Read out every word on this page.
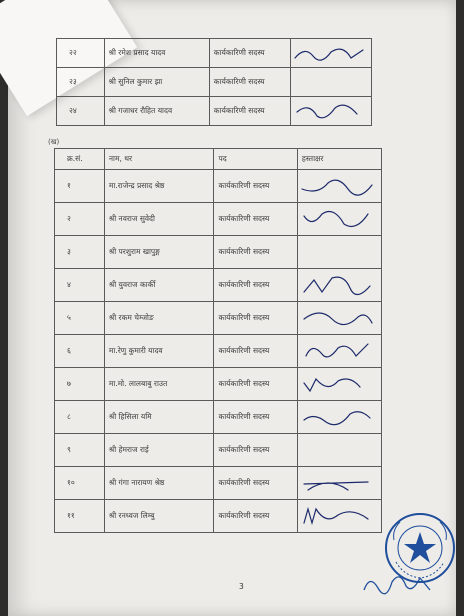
२२	श्री रमेश प्रसाद यादव	कार्यकारिणी सदस्य	

२३	श्री सुनिल कुमार झा	कार्यकारिणी सदस्य	
२४	श्री गजाधर रौहित यादव	कार्यकारिणी सदस्य	
(ख)
क्र.सं.	नाम, थर	पद	हस्ताक्षर
१	मा.राजेन्द्र प्रसाद श्रेष्ठ	कार्यकारिणी सदस्य	

२	श्री नवराज सुवेदी	कार्यकारिणी सदस्य	

३	श्री परशुराम खापुङ्ग	कार्यकारिणी सदस्य	
४	श्री युवराज कार्की	कार्यकारिणी सदस्य	

५	श्री रकम चेम्जोङ	कार्यकारिणी सदस्य	

६	मा.रेणु कुमारी यादव	कार्यकारिणी सदस्य	

७	मा.मो. लालबाबु राउत	कार्यकारिणी सदस्य	

८	श्री हिसिला यमि	कार्यकारिणी सदस्य	

९	श्री हेमराज राई	कार्यकारिणी सदस्य	
१०	श्री गंगा नारायण श्रेष्ठ	कार्यकारिणी सदस्य	

११	श्री रनध्वज लिम्बु	कार्यकारिणी सदस्य	
3
